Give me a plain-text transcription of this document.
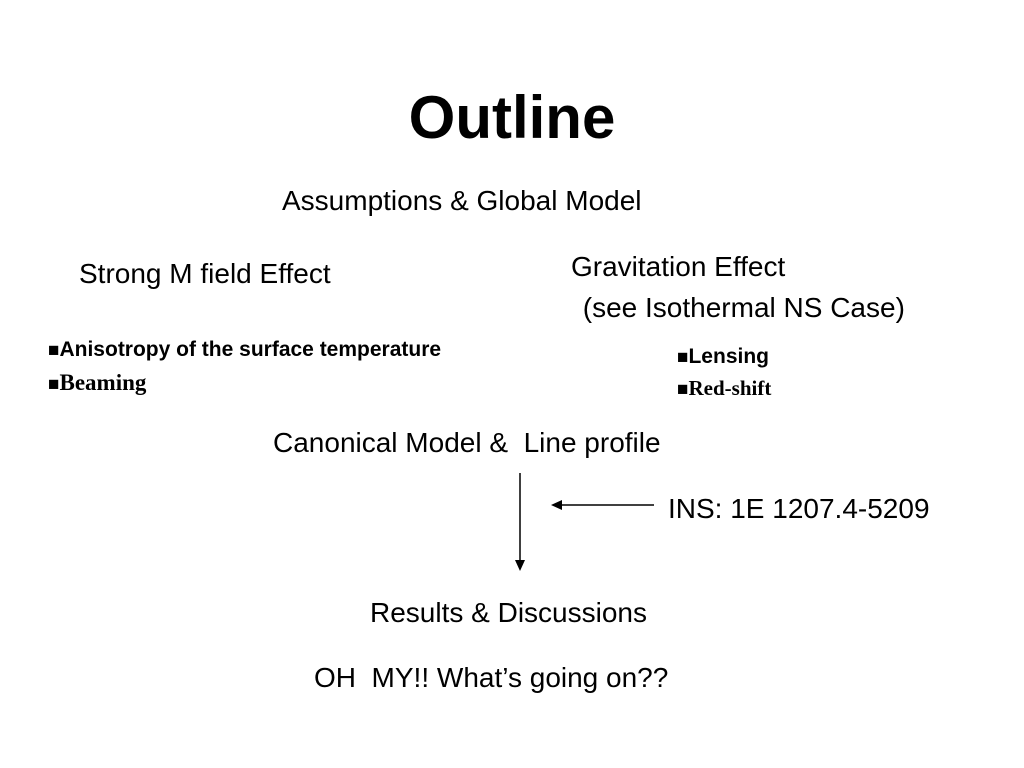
Outline
Assumptions & Global Model
Strong M field Effect
■Anisotropy of the surface temperature
■Beaming
Gravitation Effect
(see Isothermal NS Case)
■Lensing
■Red-shift
Canonical Model &  Line profile
INS: 1E 1207.4-5209
Results & Discussions
OH  MY!! What’s going on??
